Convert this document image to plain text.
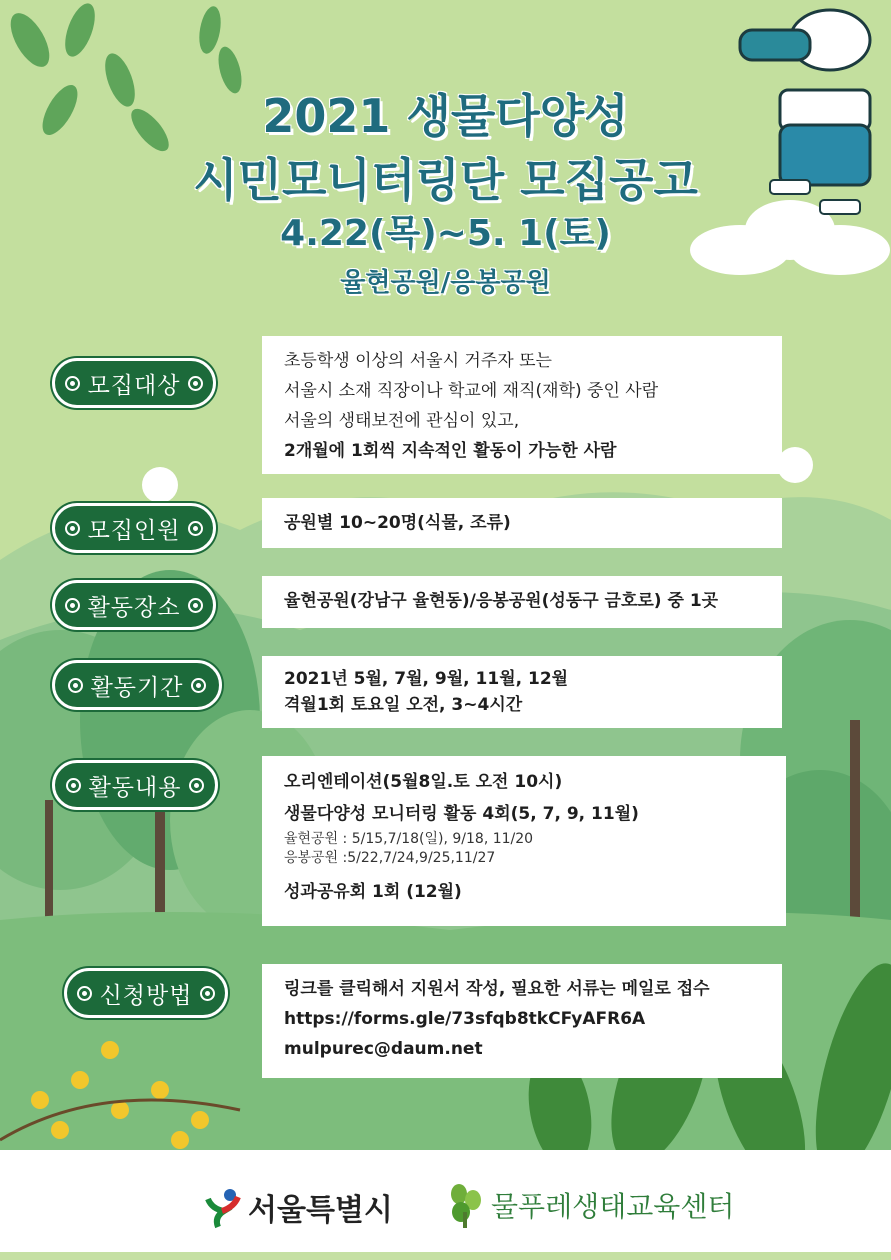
2021 생물다양성
시민모니터링단 모집공고
4.22(목)~5. 1(토)
율현공원/응봉공원
모집대상
초등학생 이상의 서울시 거주자 또는
서울시 소재 직장이나 학교에 재직(재학) 중인 사람
서울의 생태보전에 관심이 있고,
2개월에 1회씩 지속적인 활동이 가능한 사람
모집인원	공원별 10~20명(식물, 조류)
활동장소	율현공원(강남구 율현동)/응봉공원(성동구 금호로) 중 1곳
활동기간	2021년 5월, 7월, 9월, 11월, 12월
격월1회 토요일 오전, 3~4시간
활동내용	오리엔테이션(5월8일.토 오전 10시)
생물다양성 모니터링 활동 4회(5, 7, 9, 11월)
율현공원 : 5/15,7/18(일), 9/18, 11/20
응봉공원 :5/22,7/24,9/25,11/27
성과공유회 1회 (12월)
신청방법	링크를 클릭해서 지원서 작성, 필요한 서류는 메일로 접수
https://forms.gle/73sfqb8tkCFyAFR6A
mulpurec@daum.net
서울특별시	물푸레생태교육센터
